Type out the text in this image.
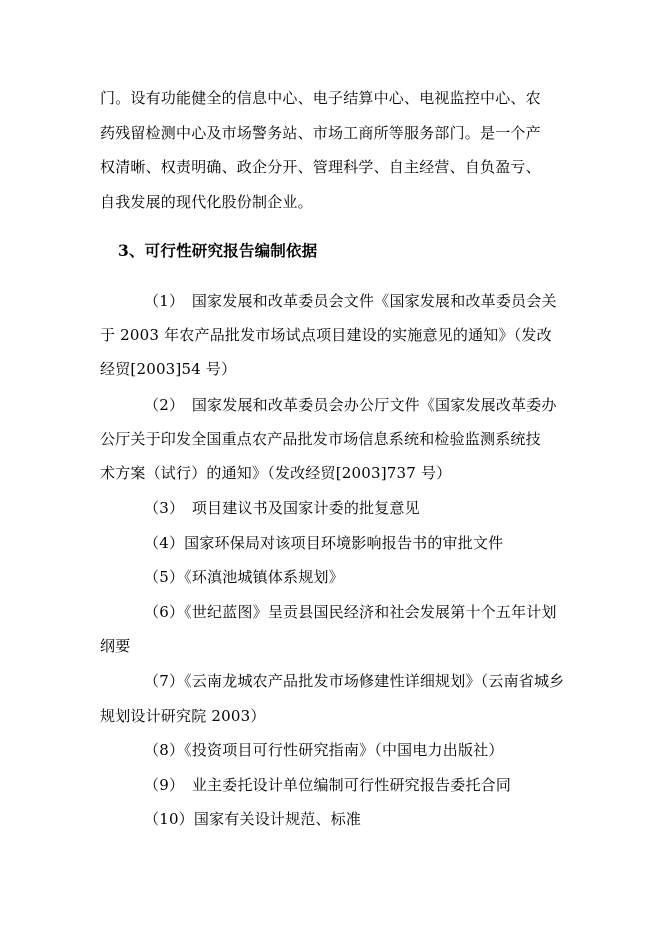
门。设有功能健全的信息中心、电子结算中心、电视监控中心、农
药残留检测中心及市场警务站、市场工商所等服务部门。是一个产
权清晰、权责明确、政企分开、管理科学、自主经营、自负盈亏、
自我发展的现代化股份制企业。
3、可行性研究报告编制依据
（1）　国家发展和改革委员会文件《国家发展和改革委员会关
于 2003 年农产品批发市场试点项目建设的实施意见的通知》（发改
经贸[2003]54 号）
（2）　国家发展和改革委员会办公厅文件《国家发展改革委办
公厅关于印发全国重点农产品批发市场信息系统和检验监测系统技
术方案（试行）的通知》（发改经贸[2003]737 号）
（3）　项目建议书及国家计委的批复意见
（4）国家环保局对该项目环境影响报告书的审批文件
（5）《环滇池城镇体系规划》
（6）《世纪蓝图》呈贡县国民经济和社会发展第十个五年计划
纲要
（7）《云南龙城农产品批发市场修建性详细规划》（云南省城乡
规划设计研究院 2003）
（8）《投资项目可行性研究指南》（中国电力出版社）
（9）　业主委托设计单位编制可行性研究报告委托合同
（10）国家有关设计规范、标准
